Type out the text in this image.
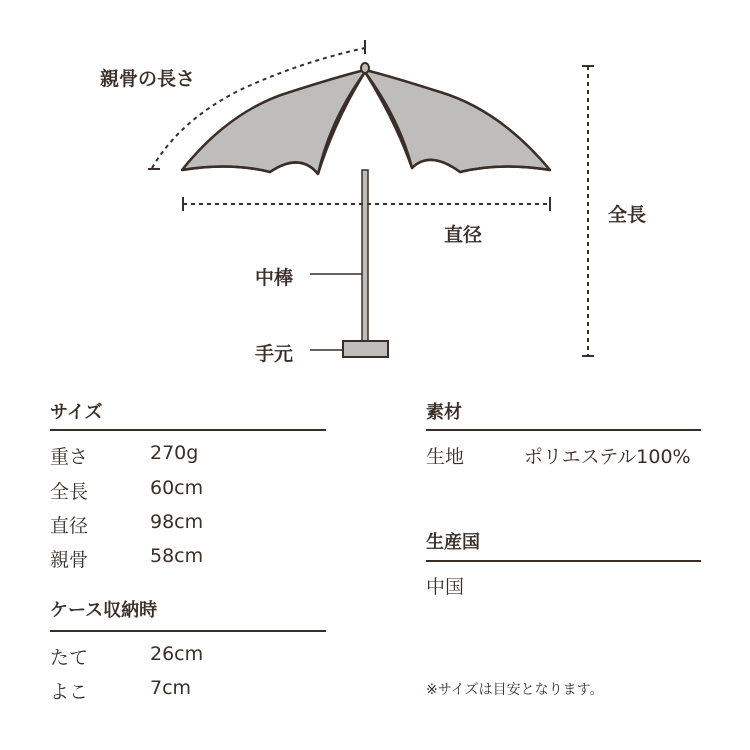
親骨の長さ
全長
直径
中棒
手元
サイズ
重さ	270g
全長	60cm
直径	98cm
親骨	58cm
ケース収納時
たて	26cm
よこ	7cm
素材
生地	ポリエステル100%
生産国
中国
※サイズは目安となります。
